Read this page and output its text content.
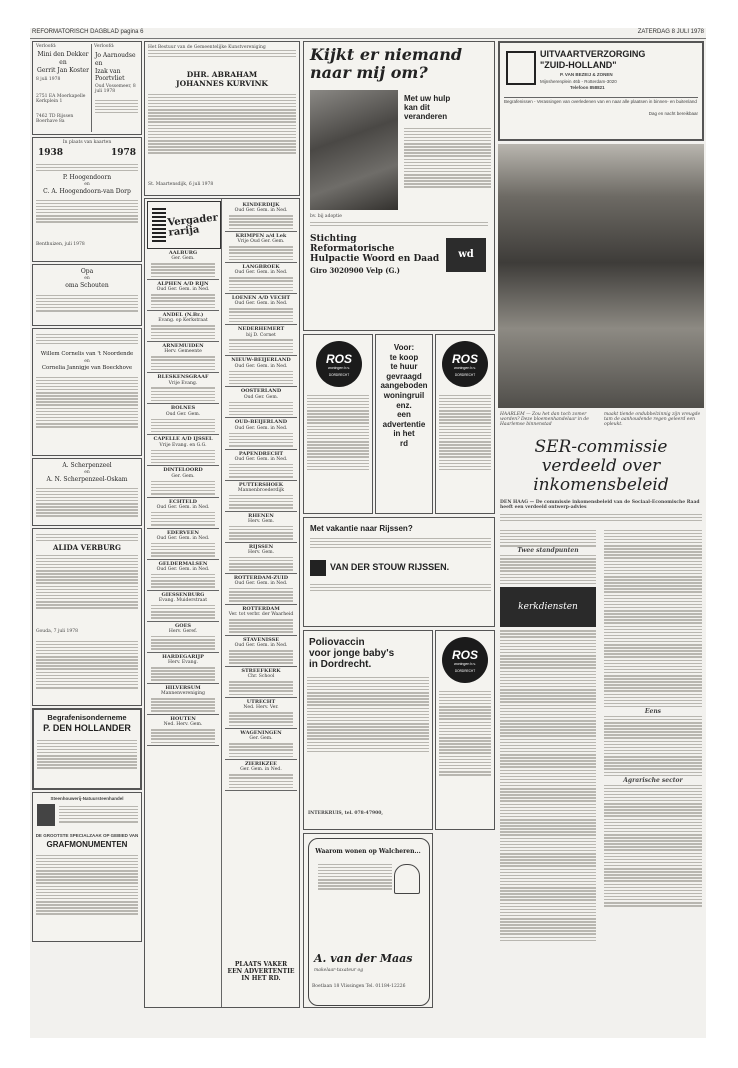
REFORMATORISCH DAGBLAD pagina 6	ZATERDAG 8 JULI 1978
Verloofd:
Mini den Dekker
en
Gerrit Jan Koster
8 juli 1978
2751 EA Moerkapelle
Kerkplein 1
7462 TD Rijssen
Boerhave 8a
Verloofd:
Jo Aarnoudse
en
Izak van Poortvliet
Oud Vossemeer, 8 juli 1978
In plaats van kaarten
1938	1978
P. Hoogendoorn
en
C. A. Hoogendoorn-van Dorp
Benthuizen, juli 1978
Opa
en
oma Schouten
Willem Cornelis van 't Noordende
en
Cornelia Jannigje van Boeckhove
A. Scherpenzeel
en
A. N. Scherpenzeel-Oskam
ALIDA VERBURG
Gouda, 7 juli 1978
Begrafenisonderneme
P. DEN HOLLANDER
Steenhouwerij-Natuursteenhandel
DE GROOTSTE SPECIALZAAK OP GEBIED VAN
GRAFMONUMENTEN
Het Bestuur van de Gemeentelijke Kunstvereniging
DHR. ABRAHAM
JOHANNES KURVINK
St. Maartensdijk, 6 juli 1978
Vergader
rarija
AALBURG
Ger. Gem.
ALPHEN A/D RIJN
Oud Ger. Gem. in Ned.
ANDEL (N.Br.)
Evang. op Kerkstraat
ARNEMUIDEN
Herv. Gemeente
BLESKENSGRAAF
Vrije Evang.
BOLNES
Oud Ger. Gem.
CAPELLE A/D IJSSEL
Vrije Evang. en G.G.
DINTELOORD
Ger. Gem.
ECHTELD
Oud Ger. Gem. in Ned.
EDERVEEN
Oud Ger. Gem. in Ned.
GELDERMALSEN
Oud Ger. Gem. in Ned.
GIESSENBURG
Evang. Muiderstraat
GOES
Herv. Geref.
HARDEGARIJP
Herv. Evang.
HILVERSUM
Mannenvereniging
HOUTEN
Ned. Herv. Gem.
KINDERDIJK
Oud Ger. Gem. in Ned.
KRIMPEN a/d Lek
Vrije Oud Ger. Gem.
LANGBROEK
Oud Ger. Gem. in Ned.
LOENEN A/D VECHT
Oud Ger. Gem. in Ned.
NEDERHEMERT
bij D. Cornet
NIEUW-BEIJERLAND
Oud Ger. Gem. in Ned.
OOSTERLAND
Oud Ger. Gem.
OUD-BEIJERLAND
Oud Ger. Gem. in Ned.
PAPENDRECHT
Oud Ger. Gem. in Ned.
PUTTERSHOEK
Mannenbroederdijk
RHENEN
Herv. Gem.
RIJSSEN
Herv. Gem.
ROTTERDAM-ZUID
Oud Ger. Gem. in Ned.
ROTTERDAM
Ver. tot verbr. der Waarheid
STAVENISSE
Oud Ger. Gem. in Ned.
STREEFKERK
Chr. School
UTRECHT
Ned. Herv. Ver.
WAGENINGEN
Ger. Gem.
ZIERIKZEE
Ger. Gem. in Ned.
PLAATS VAKER
EEN ADVERTENTIE
IN HET RD.
Kijkt er niemand
naar mij om?
Met uw hulp
kan dit
veranderen
bv. bij adoptie
Stichting
Reformatorische
Hulpactie Woord en Daad
Giro 3020900 Velp (G.)
wd
ROS
woningen b.v.
DORDRECHT
Voor:
te koop
te huur
gevraagd
aangeboden
woningruil
enz.
een
advertentie
in het
rd
ROS
woningen b.v.
DORDRECHT
Met vakantie naar Rijssen?
VAN DER STOUW RIJSSEN.
Poliovaccin
voor jonge baby's
in Dordrecht.
INTERKRUIS, tel. 078-47900,
ROS
woningen b.v.
DORDRECHT
Waarom wonen op Walcheren...
A. van der Maas
makelaar-taxateur og
Boetlaan 18 Vlissingen Tel. 01184-12226
UITVAARTVERZORGING
"ZUID-HOLLAND"
P. VAN BEZEIJ & ZONEN
Mijnsherenplein 46b - Rotterdam-3020
Telefoon 858821
Begrafenissen - Verassingen van overledenen van en naar alle plaatsen in binnen- en buitenland
Dag en nacht bereikbaar
HAARLEM — Zou het dan toch zomer worden? Deze bloemenhandelaar in de Haarlemse binnenstad
maakt tiende ondubbelzinnig zijn vreugde tam de aanhoudende regen geleerd een opleukt.
SER-commissie
verdeeld over
inkomensbeleid
DEN HAAG — De commissie inkomensbeleid van de Sociaal-Economische Raad heeft een verdeeld ontwerp-advies
Twee standpunten
kerkdiensten
Eens
Agrarische sector
